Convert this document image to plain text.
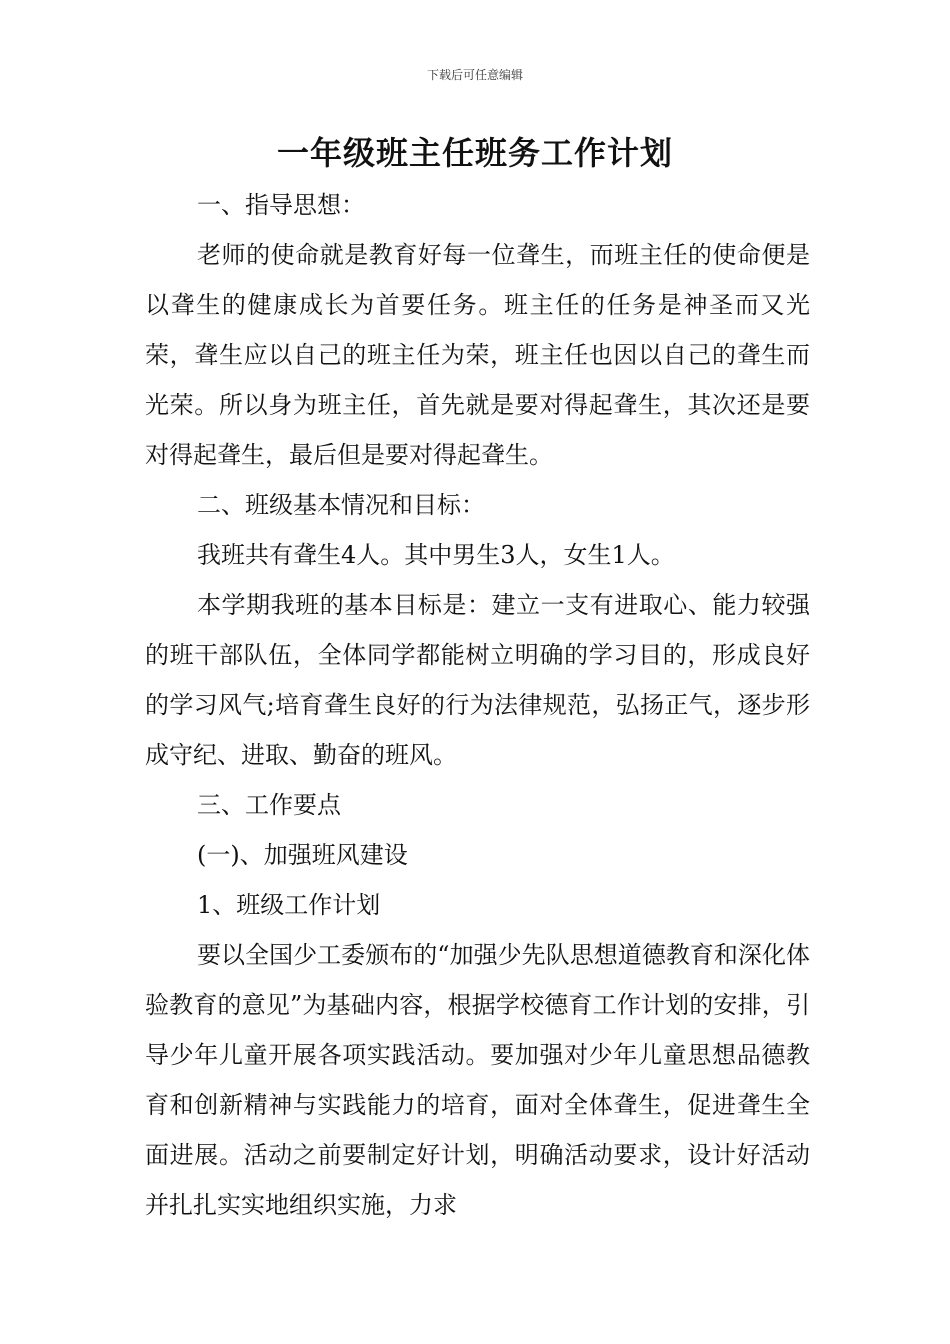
下载后可任意编辑
一年级班主任班务工作计划

一、指导思想：

老师的使命就是教育好每一位聋生，而班主任的使命便是以聋生的健康成长为首要任务。班主任的任务是神圣而又光荣，聋生应以自己的班主任为荣，班主任也因以自己的聋生而光荣。所以身为班主任，首先就是要对得起聋生，其次还是要对得起聋生，最后但是要对得起聋生。

二、班级基本情况和目标：

我班共有聋生4人。其中男生3人，女生1人。

本学期我班的基本目标是：建立一支有进取心、能力较强的班干部队伍，全体同学都能树立明确的学习目的，形成良好的学习风气;培育聋生良好的行为法律规范，弘扬正气，逐步形成守纪、进取、勤奋的班风。

三、工作要点

(一)、加强班风建设

1、班级工作计划

要以全国少工委颁布的“加强少先队思想道德教育和深化体验教育的意见”为基础内容，根据学校德育工作计划的安排，引导少年儿童开展各项实践活动。要加强对少年儿童思想品德教育和创新精神与实践能力的培育，面对全体聋生，促进聋生全面进展。活动之前要制定好计划，明确活动要求，设计好活动并扎扎实实地组织实施，力求
